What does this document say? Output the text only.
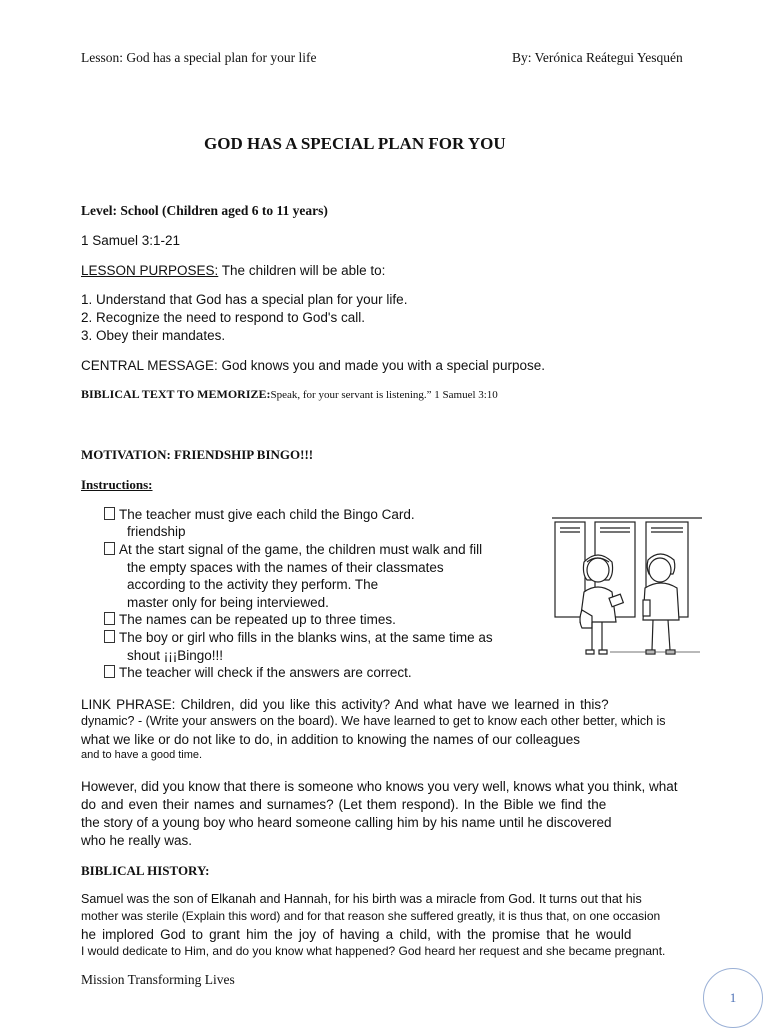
Lesson: God has a special plan for your life	By: Verónica Reátegui Yesquén
GOD HAS A SPECIAL PLAN FOR YOU
Level: School (Children aged 6 to 11 years)
1 Samuel 3:1-21
LESSON PURPOSES: The children will be able to:
1. Understand that God has a special plan for your life.
2. Recognize the need to respond to God's call.
3. Obey their mandates.
CENTRAL MESSAGE: God knows you and made you with a special purpose.
BIBLICAL TEXT TO MEMORIZE:Speak, for your servant is listening.” 1 Samuel 3:10
MOTIVATION: FRIENDSHIP BINGO!!!
Instructions:
The teacher must give each child the Bingo Card.
friendship
At the start signal of the game, the children must walk and fill
the empty spaces with the names of their classmates
according to the activity they perform. The
master only for being interviewed.
The names can be repeated up to three times.
The boy or girl who fills in the blanks wins, at the same time as
shout ¡¡¡Bingo!!!
The teacher will check if the answers are correct.
LINK PHRASE: Children, did you like this activity? And what have we learned in this?
dynamic? - (Write your answers on the board). We have learned to get to know each other better, which is
what we like or do not like to do, in addition to knowing the names of our colleagues
and to have a good time.
However, did you know that there is someone who knows you very well, knows what you think, what
do and even their names and surnames? (Let them respond). In the Bible we find the
the story of a young boy who heard someone calling him by his name until he discovered
who he really was.
BIBLICAL HISTORY:
Samuel was the son of Elkanah and Hannah, for his birth was a miracle from God. It turns out that his
mother was sterile (Explain this word) and for that reason she suffered greatly, it is thus that, on one occasion
he implored God to grant him the joy of having a child, with the promise that he would
I would dedicate to Him, and do you know what happened? God heard her request and she became pregnant.
Mission Transforming Lives
1
